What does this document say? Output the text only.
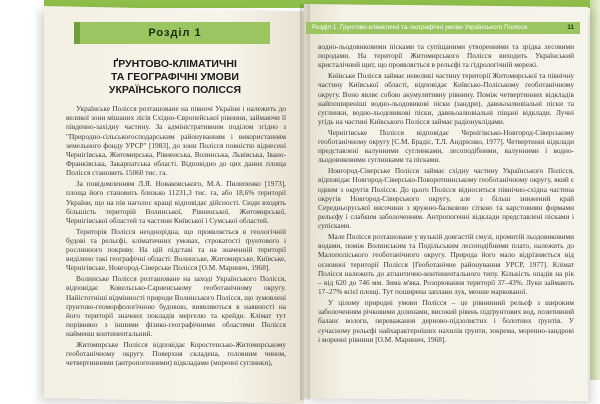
Розділ 1
ҐРУНТОВО-КЛІМАТИЧНІ
ТА ГЕОГРАФІЧНІ УМОВИ
УКРАЇНСЬКОГО ПОЛІССЯ

Українське Полісся розташоване на півночі України і належить до великої зони мішаних лісів Східно-Європейської рівнини, займаючи її південно-західну частину. За адміністративним поділом згідно з "Природно-сільськогосподарським районуванням і використанням земельного фонду УРСР" [1983], до зони Полісся повністю віднесені Чернігівська, Житомирська, Рівненська, Волинська, Львівська, Івано-Франківська, Закарпатська області. Відповідно до цих даних площа Полісся становить 15060 тис. га.

За повідомленням Л.Я. Новаковського, М.А. Пилипенко [1973], площа його становить близько 11231,3 тис. га, або 18,6% території України, що на пів наголос кращі відповідає дійсності. Сюди входять більшість територій Волинської, Рівненської, Житомирської, Чернігівської областей та частини Київської і Сумської областей.

Територія Полісся неоднорідна, що проявляється в геологічній будові та рельєфі, кліматичних умовах, строкатості ґрунтового і рослинного покриву. На цій підставі та на значенній території виділено такі географічні області: Волинське, Житомирське, Київське, Чернігівське, Новгород-Сіверське Полісся [О.М. Маринич, 1968].

Волинське Полісся розташоване на заході Українського Полісся, відповідає Ковельсько-Сарненському геоботанічному округу. Найістотніші відмінності природи Волинського Полісся, що зумовлені ґрунтово-геоморфологічною будовою, виявляються в наявності на його території значних покладів мергелю та крейди. Клімат тут порівняно з іншими фізико-географічними областями Полісся найменш континентальний.

Житомирське Полісся відповідає Коростенсько-Житомирському геоботанічному округу. Поверхня складена, головним чином, четвертинними (антропогенними) відкладами (моренні суглинки),

Розділ 1. Ґрунтово-кліматичні та географічні умови Українського Полісся	11

водно-льодовиковими пісками та супіщаними утвореннями та зрідка лесовими породами. На території Житомирського Полісся виходить Український кристалічний щит, що проявляється в рельєфі та гідрологічній мережі.

Київське Полісся займає невеликі частину території Житомирської та північну частину Київської області, відповідає Київсько-Поліському геоботанічному округу. Воно являє собою акумулятивну рівнину. Поміж четвертинних відкладів найпоширеніші водно-льодовикові піски (зандри), давньоалювіальні піски та суглинки, водно-льодовикові піски, давньоалювіальні піщані відклади. Лучні угідь на частині Київського Полісся займає радіонуклідами.

Чернігівське Полісся відповідає Чернігівсько-Новгород-Сіверському геоботанічному округу [С.М. Брадіс, Т.Л. Андрієнко, 1977]. Четвертинні відклади представлені валунними суглинками, лесоподібними, валунними і водно-льодовиковими суглинками та пісками.

Новгород-Сіверське Полісся займає східну частину Українського Полісся, відповідає Новгород-Сіверсько-Поворотнинському геоботанічному округу, який є одним з округів Полісся. До цього Полісся відноситься північно-східна частина округів Новгород-Сіверського округу, але з більш знижений край Середньоруської височини з яружно-балковою сіткою та карстовими формами рельєфу і слабким заболоченням. Антропогенні відклади представлені пісками і супісками.

Мале Полісся розташоване у вузькій довгастій смузі, промитій льодовиковими водами, поміж Волинським та Подільським лесоподібними плато, належить до Малополіського геоботанічного округу. Природа його мало відрізняється від основної території Полісся [Геоботанічне районування УРСР, 1977]. Клімат Полісся належить до атлантично-континентального типу. Кількість опадів на рік – від 620 до 746 мм. Зима м'яка. Розорювання території 37–43%. Луки займають 17–27% всієї площі. Тут поширена заплави лук, менше маркованої.

У цілому природні умови Полісся – це рівнинний рельєф з широким заболоченням річковими долинами, високий рівень підґрунтових вод, позитивний баланс вологи, переважання дерново-підзолистих і болотних ґрунтів. У сучасному рельєфі найхарактерніших нахилів ґрунти, зокрема, моренно-зандрові і моренні рівнини [О.М. Маринич, 1968].
